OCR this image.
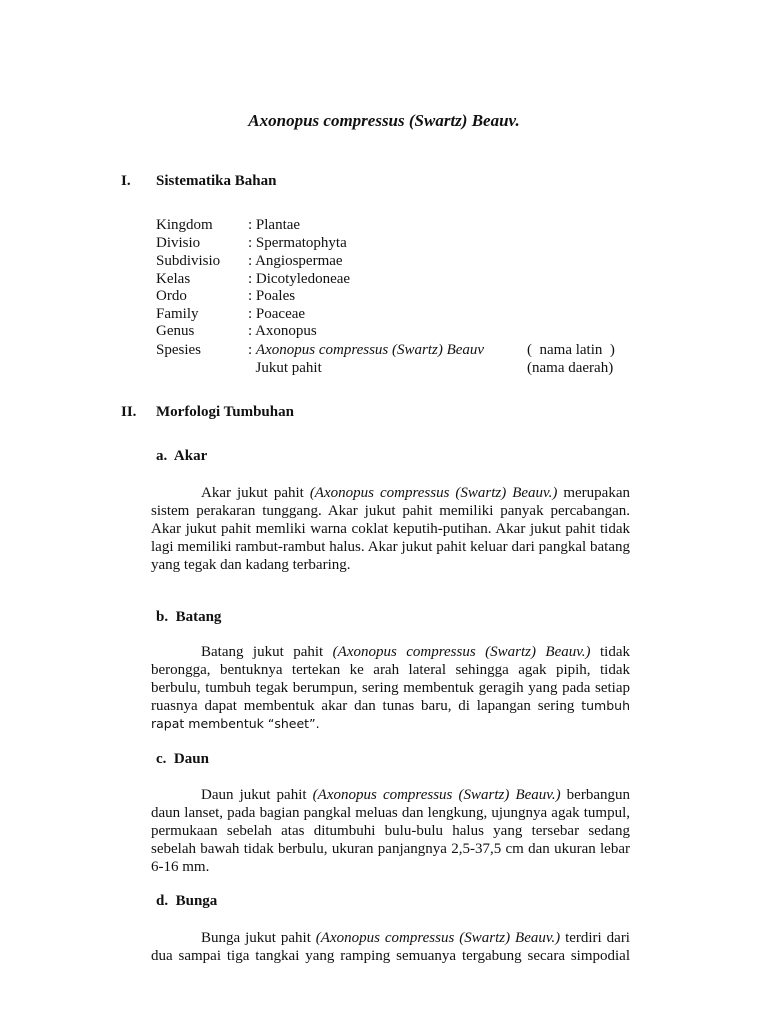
Axonopus compressus (Swartz) Beauv.
I. Sistematika Bahan
Kingdom : Plantae
Divisio	: Spermatophyta
Subdivisio : Angiospermae
Kelas	: Dicotyledoneae
Ordo	: Poales
Family	: Poaceae
Genus	: Axonopus
Spesies	: Axonopus compressus (Swartz) Beauv	(  nama latin  )
Jukut pahit	(nama daerah)
II. Morfologi Tumbuhan
a.  Akar

Akar jukut pahit (Axonopus compressus (Swartz) Beauv.) merupakan sistem perakaran tunggang. Akar jukut pahit memiliki panyak percabangan. Akar jukut pahit memliki warna coklat keputih-putihan. Akar jukut pahit tidak lagi memiliki rambut-rambut halus. Akar jukut pahit keluar dari pangkal batang yang tegak dan kadang terbaring.

b.  Batang

Batang jukut pahit (Axonopus compressus (Swartz) Beauv.) tidak berongga, bentuknya tertekan ke arah lateral sehingga agak pipih, tidak berbulu, tumbuh tegak berumpun, sering membentuk geragih yang pada setiap ruasnya dapat membentuk akar dan tunas baru, di lapangan sering tumbuh rapat membentuk “sheet”.

c.  Daun

Daun jukut pahit (Axonopus compressus (Swartz) Beauv.) berbangun daun lanset, pada bagian pangkal meluas dan lengkung, ujungnya agak tumpul, permukaan sebelah atas ditumbuhi bulu-bulu halus yang tersebar sedang sebelah bawah tidak berbulu, ukuran panjangnya 2,5-37,5 cm dan ukuran lebar 6-16 mm.

d.  Bunga

Bunga jukut pahit (Axonopus compressus (Swartz) Beauv.) terdiri dari dua sampai tiga tangkai yang ramping semuanya tergabung secara simpodial
